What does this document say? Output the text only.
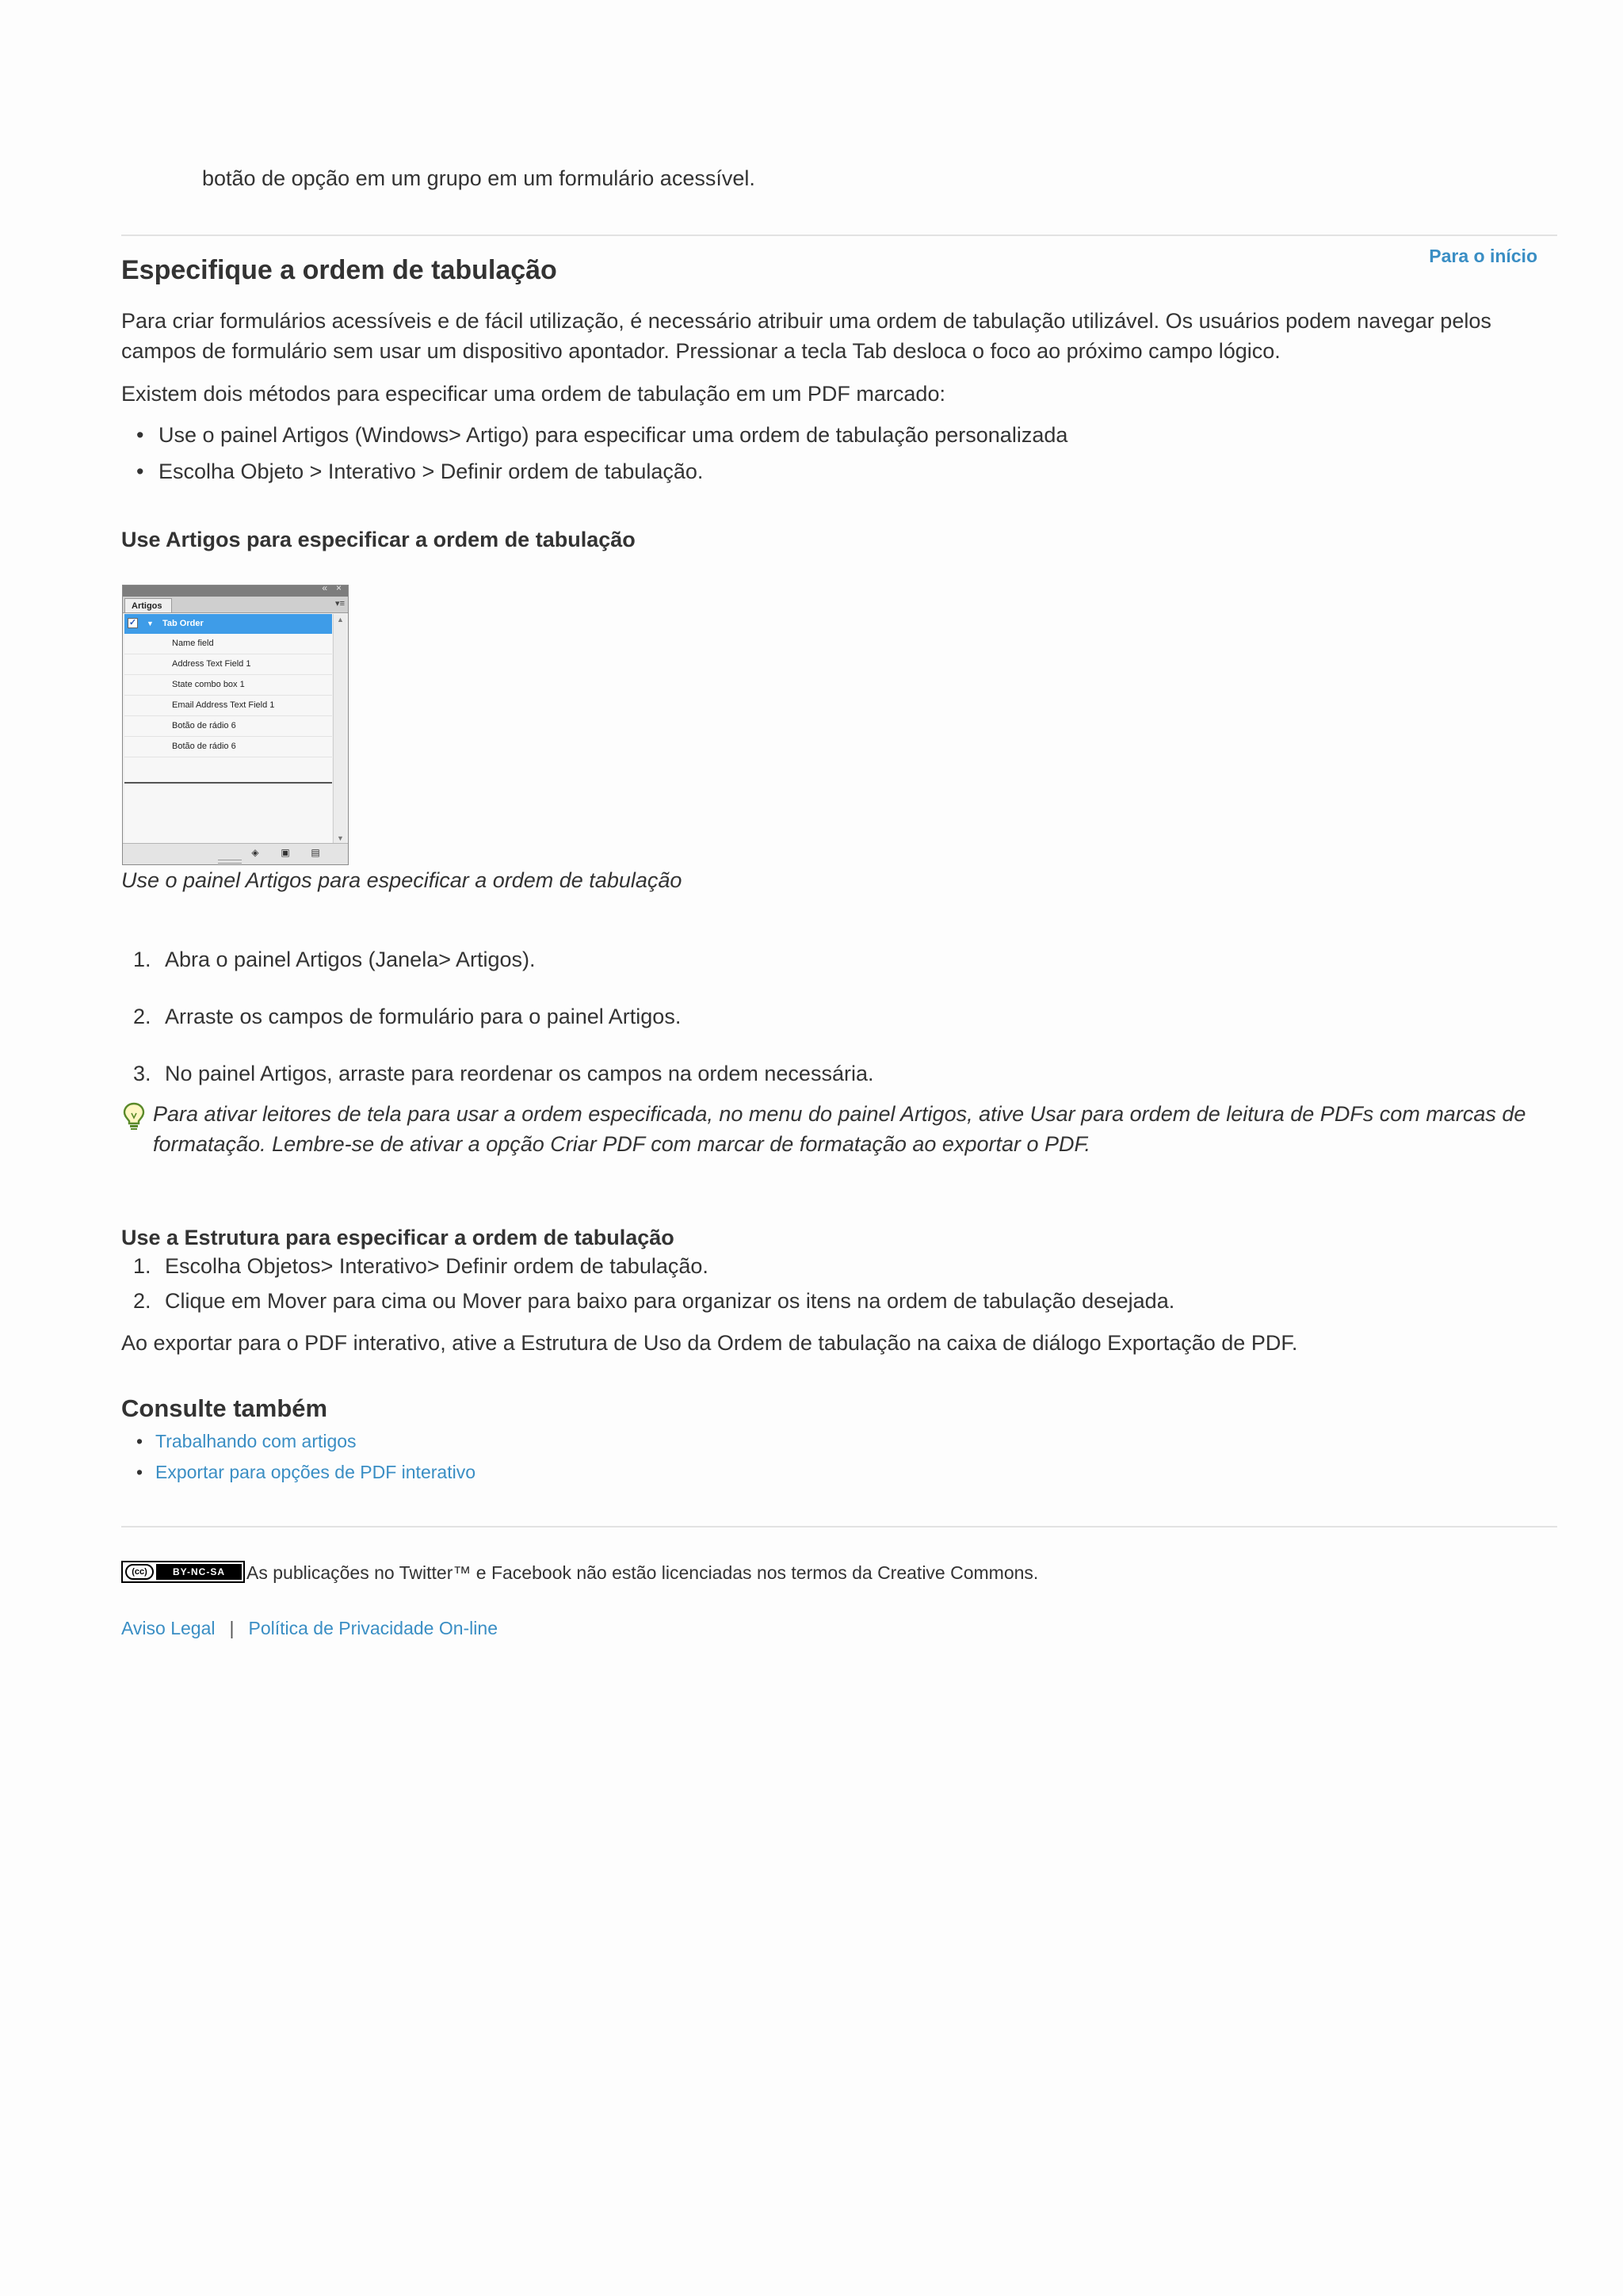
botão de opção em um grupo em um formulário acessível.
Para o início
Especifique a ordem de tabulação

Para criar formulários acessíveis e de fácil utilização, é necessário atribuir uma ordem de tabulação utilizável. Os usuários podem navegar pelos campos de formulário sem usar um dispositivo apontador. Pressionar a tecla Tab desloca o foco ao próximo campo lógico.

Existem dois métodos para especificar uma ordem de tabulação em um PDF marcado:

• Use o painel Artigos (Windows> Artigo) para especificar uma ordem de tabulação personalizada
• Escolha Objeto > Interativo > Definir ordem de tabulação.
Use Artigos para especificar a ordem de tabulação
« ×
Artigos	▾≡
✓ ▼ Tab Order
Name field
Address Text Field 1
State combo box 1
Email Address Text Field 1
Botão de rádio 6
Botão de rádio 6
▲
▼
◈ ▣ ▤
Use o painel Artigos para especificar a ordem de tabulação
1. Abra o painel Artigos (Janela> Artigos).
2. Arraste os campos de formulário para o painel Artigos.
3. No painel Artigos, arraste para reordenar os campos na ordem necessária.
Para ativar leitores de tela para usar a ordem especificada, no menu do painel Artigos, ative Usar para ordem de leitura de PDFs com marcas de formatação. Lembre-se de ativar a opção Criar PDF com marcar de formatação ao exportar o PDF.
Use a Estrutura para especificar a ordem de tabulação
1. Escolha Objetos> Interativo> Definir ordem de tabulação.
2. Clique em Mover para cima ou Mover para baixo para organizar os itens na ordem de tabulação desejada.

Ao exportar para o PDF interativo, ative a Estrutura de Uso da Ordem de tabulação na caixa de diálogo Exportação de PDF.

Consulte também
• Trabalhando com artigos
• Exportar para opções de PDF interativo
(cc)	BY-NC-SA	As publicações no Twitter™ e Facebook não estão licenciadas nos termos da Creative Commons.
Aviso Legal | Política de Privacidade On-line
